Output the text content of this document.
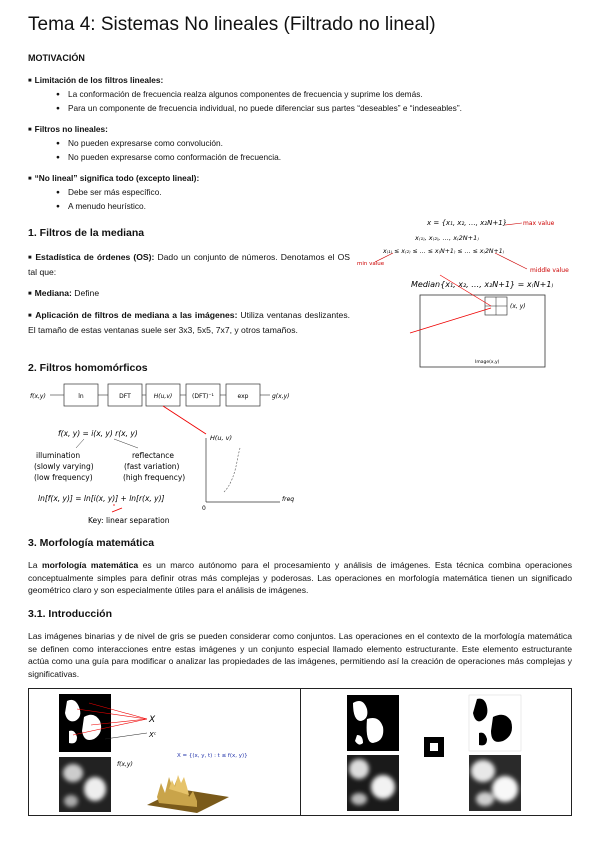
Tema 4: Sistemas No lineales (Filtrado no lineal)
MOTIVACIÓN
■ Limitación de los filtros lineales:
● La conformación de frecuencia realza algunos componentes de frecuencia y suprime los demás.
● Para un componente de frecuencia individual, no puede diferenciar sus partes “deseables” e “indeseables”.
■ Filtros no lineales:
● No pueden expresarse como convolución.
● No pueden expresarse como conformación de frecuencia.
■ “No lineal” significa todo (excepto lineal):
● Debe ser más específico.
● A menudo heurístico.
1. Filtros de la mediana
■ Estadística de órdenes (OS): Dado un conjunto de números. Denotamos el OS tal que:
■ Mediana: Define
■ Aplicación de filtros de mediana a las imágenes: Utiliza ventanas deslizantes. El tamaño de estas ventanas suele ser 3x3, 5x5, 7x7, y otros tamaños.
x = {x₁, x₂, …, x₂N+1}
x₍₁₎, x₍₂₎, …, x₍2N+1₎
x₍₁₎ ≤ x₍₂₎ ≤ … ≤ x₍N+1₎ ≤ … ≤ x₍2N+1₎
max value
min value
middle value
Median{x₁, x₂, …, x₂N+1} = x₍N+1₎
(x, y)
Image(x,y)
2. Filtros homomórficos
f(x,y)	ln	DFT	H(u,v)	(DFT)⁻¹	exp	g(x,y)
f(x, y) = i(x, y) r(x, y)
illumination
(slowly varying)
(low frequency)
reflectance
(fast variation)
(high frequency)
ln[f(x, y)] = ln[i(x, y)] + ln[r(x, y)]
Key: linear separation
H(u, v)
freq
0
3. Morfología matemática
La morfología matemática es un marco autónomo para el procesamiento y análisis de imágenes. Esta técnica combina operaciones conceptualmente simples para definir otras más complejas y poderosas. Las operaciones en morfología matemática tienen un significado geométrico claro y son especialmente útiles para el análisis de imágenes.
3.1. Introducción
Las imágenes binarias y de nivel de gris se pueden considerar como conjuntos. Las operaciones en el contexto de la morfología matemática se definen como interacciones entre estas imágenes y un conjunto especial llamado elemento estructurante. Este elemento estructurante actúa como una guía para modificar o analizar las propiedades de las imágenes, permitiendo así la creación de operaciones más complejas y significativas.
X
Xᶜ
f(x,y)
X = {(x, y, t) : t ≤ f(x, y)}
